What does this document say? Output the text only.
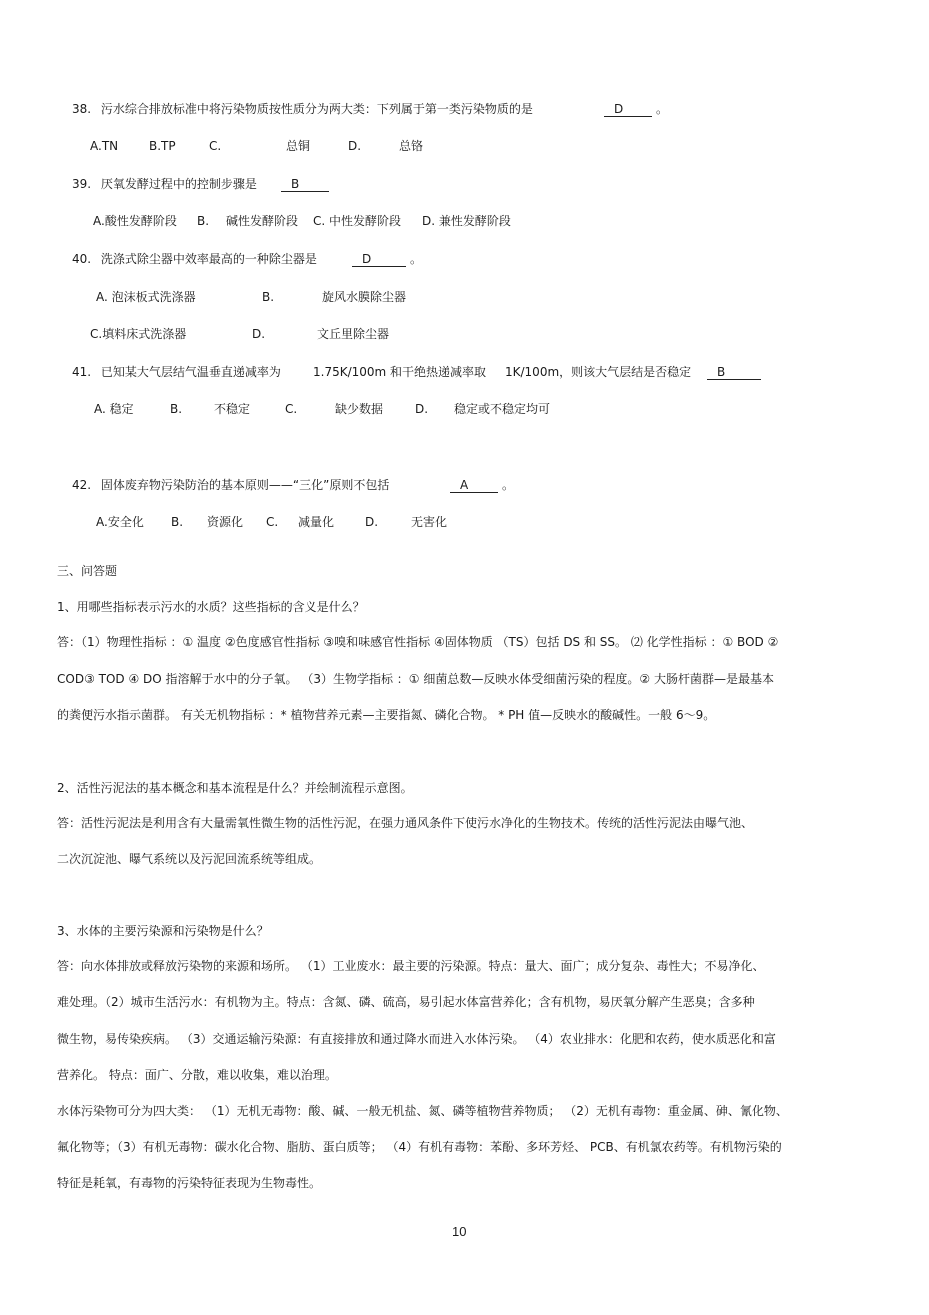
38. 污水综合排放标准中将污染物质按性质分为两大类：下列属于第一类污染物质的是	D	。
A.TN	B.TP	C.	总铜	D.	总铬
39. 厌氧发酵过程中的控制步骤是	B
A.酸性发酵阶段 B. 碱性发酵阶段 C. 中性发酵阶段 D. 兼性发酵阶段
40. 洗涤式除尘器中效率最高的一种除尘器是	D	。
A. 泡沫板式洗涤器	B.	旋风水膜除尘器
C.填料床式洗涤器	D.	文丘里除尘器
41. 已知某大气层结气温垂直递减率为	1.75K/100m 和干绝热递减率取 1K/100m，则该大气层结是否稳定	B
A. 稳定	B.	不稳定	C.	缺少数据	D. 稳定或不稳定均可
42. 固体废弃物污染防治的基本原则——“三化”原则不包括	A	。
A.安全化 B. 资源化 C. 减量化	D.	无害化
三、问答题
1、用哪些指标表示污水的水质？这些指标的含义是什么？
答：（1）物理性指标 ：① 温度 ②色度感官性指标 ③嗅和味感官性指标 ④固体物质 （TS）包括 DS 和 SS。 ⑵ 化学性指标 ：① BOD ②
COD③ TOD ④ DO 指溶解于水中的分子氧。 （3）生物学指标 ：① 细菌总数—反映水体受细菌污染的程度。② 大肠杆菌群—是最基本
的粪便污水指示菌群。 有关无机物指标 ：* 植物营养元素—主要指氮、磷化合物。 * PH 值—反映水的酸碱性。一般 6～9。
2、活性污泥法的基本概念和基本流程是什么？并绘制流程示意图。
答：活性污泥法是利用含有大量需氧性微生物的活性污泥，在强力通风条件下使污水净化的生物技术。传统的活性污泥法由曝气池、
二次沉淀池、曝气系统以及污泥回流系统等组成。
3、水体的主要污染源和污染物是什么？
答：向水体排放或释放污染物的来源和场所。 （1）工业废水：最主要的污染源。特点：量大、面广；成分复杂、毒性大；不易净化、
难处理。（2）城市生活污水：有机物为主。特点：含氮、磷、硫高，易引起水体富营养化；含有机物，易厌氧分解产生恶臭；含多种
微生物，易传染疾病。 （3）交通运输污染源：有直接排放和通过降水而进入水体污染。 （4）农业排水：化肥和农药，使水质恶化和富
营养化。 特点：面广、分散，难以收集，难以治理。
水体污染物可分为四大类： （1）无机无毒物：酸、碱、一般无机盐、氮、磷等植物营养物质； （2）无机有毒物：重金属、砷、氰化物、
氟化物等；（3）有机无毒物：碳水化合物、脂肪、蛋白质等； （4）有机有毒物：苯酚、多环芳烃、 PCB、有机氯农药等。有机物污染的
特征是耗氧，有毒物的污染特征表现为生物毒性。
10
